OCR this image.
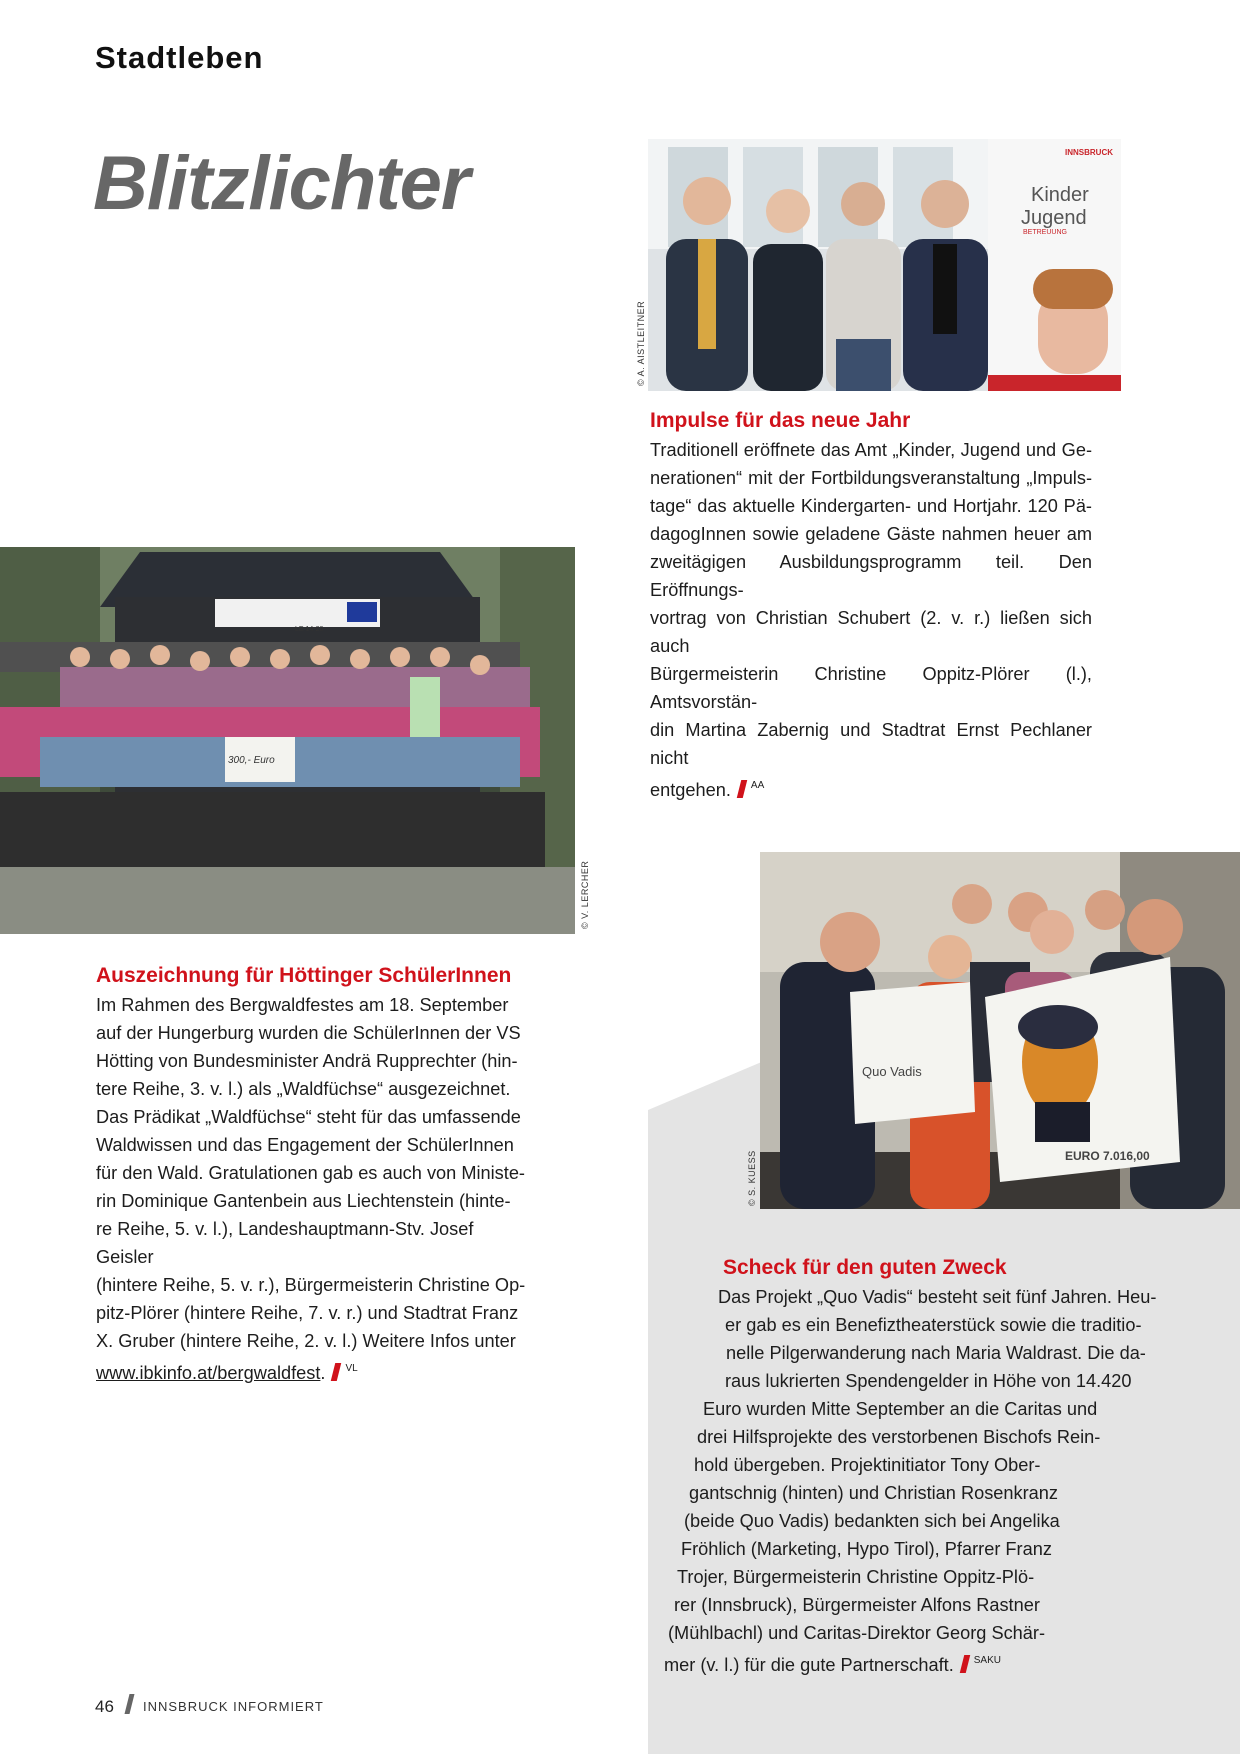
Stadtleben
Blitzlichter	INNSBRUCK
Kinder
Jugend
BETREUUNG
© A. AISTLEITNER
Impulse für das neue Jahr
Traditionell eröffnete das Amt „Kinder, Jugend und Ge-
nerationen“ mit der Fortbildungsveranstaltung „Impuls-
tage“ das aktuelle Kindergarten- und Hortjahr. 120 Pä-
dagogInnen sowie geladene Gäste nahmen heuer am
zweitägigen Ausbildungsprogramm teil. Den Eröffnungs-
vortrag von Christian Schubert (2. v. r.) ließen sich auch
Bürgermeisterin Christine Oppitz-Plörer (l.), Amtsvorstän-
din Martina Zabernig und Stadtrat Ernst Pechlaner nicht
entgehen. $^{AA}$
LE 14-20
300,- Euro
© V. LERCHER
Auszeichnung für Höttinger SchülerInnen
Im Rahmen des Bergwaldfestes am 18. September
auf der Hungerburg wurden die SchülerInnen der VS
Hötting von Bundesminister Andrä Rupprechter (hin-
tere Reihe, 3. v. l.) als „Waldfüchse“ ausgezeichnet.
Das Prädikat „Waldfüchse“ steht für das umfassende
Waldwissen und das Engagement der SchülerInnen
für den Wald. Gratulationen gab es auch von Ministe-
rin Dominique Gantenbein aus Liechtenstein (hinte-
re Reihe, 5. v. l.), Landeshauptmann-Stv. Josef Geisler
(hintere Reihe, 5. v. r.), Bürgermeisterin Christine Op-
pitz-Plörer (hintere Reihe, 7. v. r.) und Stadtrat Franz
X. Gruber (hintere Reihe, 2. v. l.) Weitere Infos unter
www.ibkinfo.at/bergwaldfest. $^{VL}$
Quo Vadis
EURO 7.016,00
© S. KUESS
Scheck für den guten Zweck
Das Projekt „Quo Vadis“ besteht seit fünf Jahren. Heu-
er gab es ein Benefiztheaterstück sowie die traditio-
nelle Pilgerwanderung nach Maria Waldrast. Die da-
raus lukrierten Spendengelder in Höhe von 14.420
Euro wurden Mitte September an die Caritas und
drei Hilfsprojekte des verstorbenen Bischofs Rein-
hold übergeben. Projektinitiator Tony Ober-
gantschnig (hinten) und Christian Rosenkranz
(beide Quo Vadis) bedankten sich bei Angelika
Fröhlich (Marketing, Hypo Tirol), Pfarrer Franz
Trojer, Bürgermeisterin Christine Oppitz-Plö-
rer (Innsbruck), Bürgermeister Alfons Rastner
(Mühlbachl) und Caritas-Direktor Georg Schär-
mer (v. l.) für die gute Partnerschaft. $^{SAKU}$
46 INNSBRUCK INFORMIERT
